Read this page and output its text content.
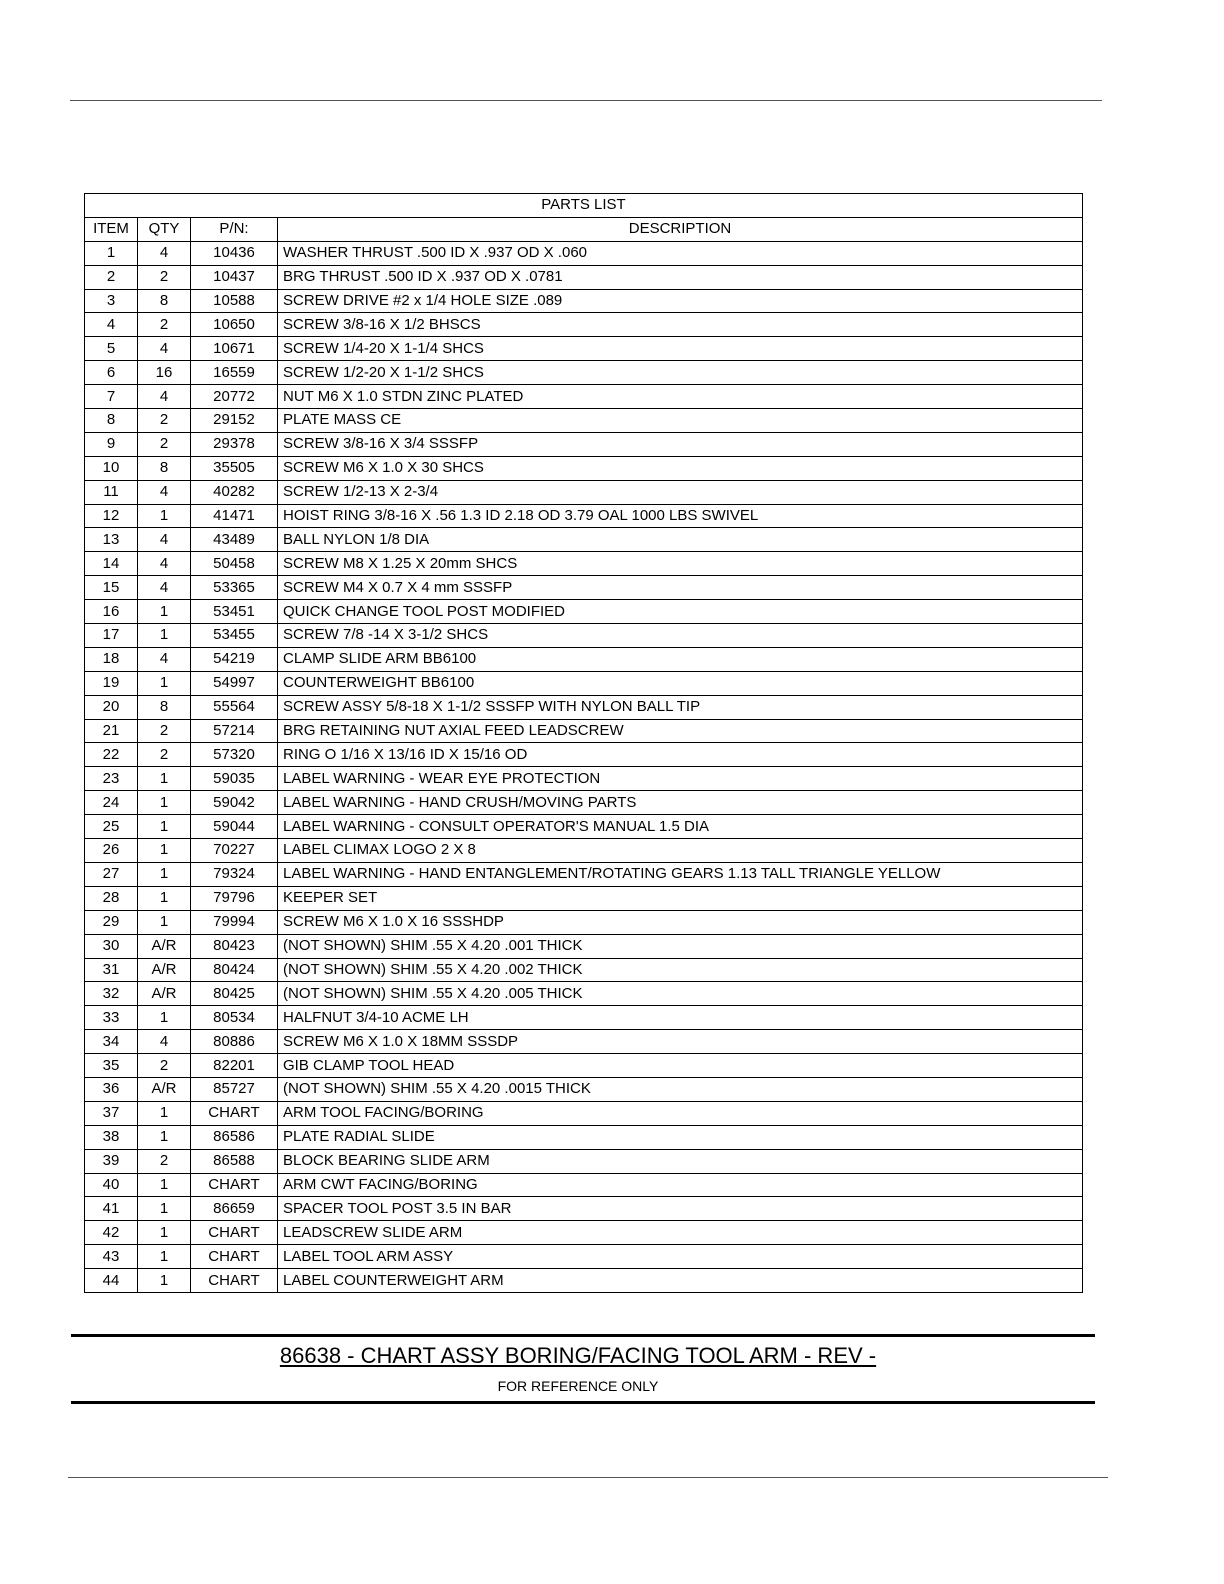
PARTS LIST			
ITEM	QTY	P/N:	DESCRIPTION
1	4	10436	WASHER THRUST .500 ID X .937 OD X .060
2	2	10437	BRG THRUST .500 ID X .937 OD X .0781
3	8	10588	SCREW DRIVE #2 x 1/4 HOLE SIZE .089
4	2	10650	SCREW 3/8-16 X 1/2 BHSCS
5	4	10671	SCREW 1/4-20 X 1-1/4 SHCS
6	16	16559	SCREW 1/2-20 X 1-1/2 SHCS
7	4	20772	NUT M6 X 1.0 STDN ZINC PLATED
8	2	29152	PLATE MASS CE
9	2	29378	SCREW 3/8-16 X 3/4 SSSFP
10	8	35505	SCREW M6 X 1.0 X 30 SHCS
11	4	40282	SCREW 1/2-13 X 2-3/4
12	1	41471	HOIST RING 3/8-16 X .56 1.3 ID 2.18 OD 3.79 OAL 1000 LBS SWIVEL
13	4	43489	BALL NYLON 1/8 DIA
14	4	50458	SCREW M8 X 1.25 X 20mm SHCS
15	4	53365	SCREW M4 X 0.7 X 4 mm SSSFP
16	1	53451	QUICK CHANGE TOOL POST MODIFIED
17	1	53455	SCREW 7/8 -14 X 3-1/2 SHCS
18	4	54219	CLAMP SLIDE ARM BB6100
19	1	54997	COUNTERWEIGHT BB6100
20	8	55564	SCREW ASSY 5/8-18 X 1-1/2 SSSFP WITH NYLON BALL TIP
21	2	57214	BRG RETAINING NUT AXIAL FEED LEADSCREW
22	2	57320	RING O 1/16 X 13/16 ID X 15/16 OD
23	1	59035	LABEL WARNING - WEAR EYE PROTECTION
24	1	59042	LABEL WARNING - HAND CRUSH/MOVING PARTS
25	1	59044	LABEL WARNING - CONSULT OPERATOR'S MANUAL 1.5 DIA
26	1	70227	LABEL CLIMAX LOGO 2 X 8
27	1	79324	LABEL WARNING - HAND ENTANGLEMENT/ROTATING GEARS 1.13 TALL TRIANGLE YELLOW
28	1	79796	KEEPER SET
29	1	79994	SCREW M6 X 1.0 X 16 SSSHDP
30	A/R	80423	(NOT SHOWN) SHIM .55 X 4.20 .001 THICK
31	A/R	80424	(NOT SHOWN) SHIM .55 X 4.20 .002 THICK
32	A/R	80425	(NOT SHOWN) SHIM .55 X 4.20 .005 THICK
33	1	80534	HALFNUT 3/4-10 ACME LH
34	4	80886	SCREW M6 X 1.0 X 18MM SSSDP
35	2	82201	GIB CLAMP TOOL HEAD
36	A/R	85727	(NOT SHOWN) SHIM .55 X 4.20 .0015 THICK
37	1	CHART	ARM TOOL FACING/BORING
38	1	86586	PLATE RADIAL SLIDE
39	2	86588	BLOCK BEARING SLIDE ARM
40	1	CHART	ARM CWT FACING/BORING
41	1	86659	SPACER TOOL POST 3.5 IN BAR
42	1	CHART	LEADSCREW SLIDE ARM
43	1	CHART	LABEL TOOL ARM ASSY
44	1	CHART	LABEL COUNTERWEIGHT ARM
86638 - CHART ASSY BORING/FACING TOOL ARM - REV -
FOR REFERENCE ONLY
